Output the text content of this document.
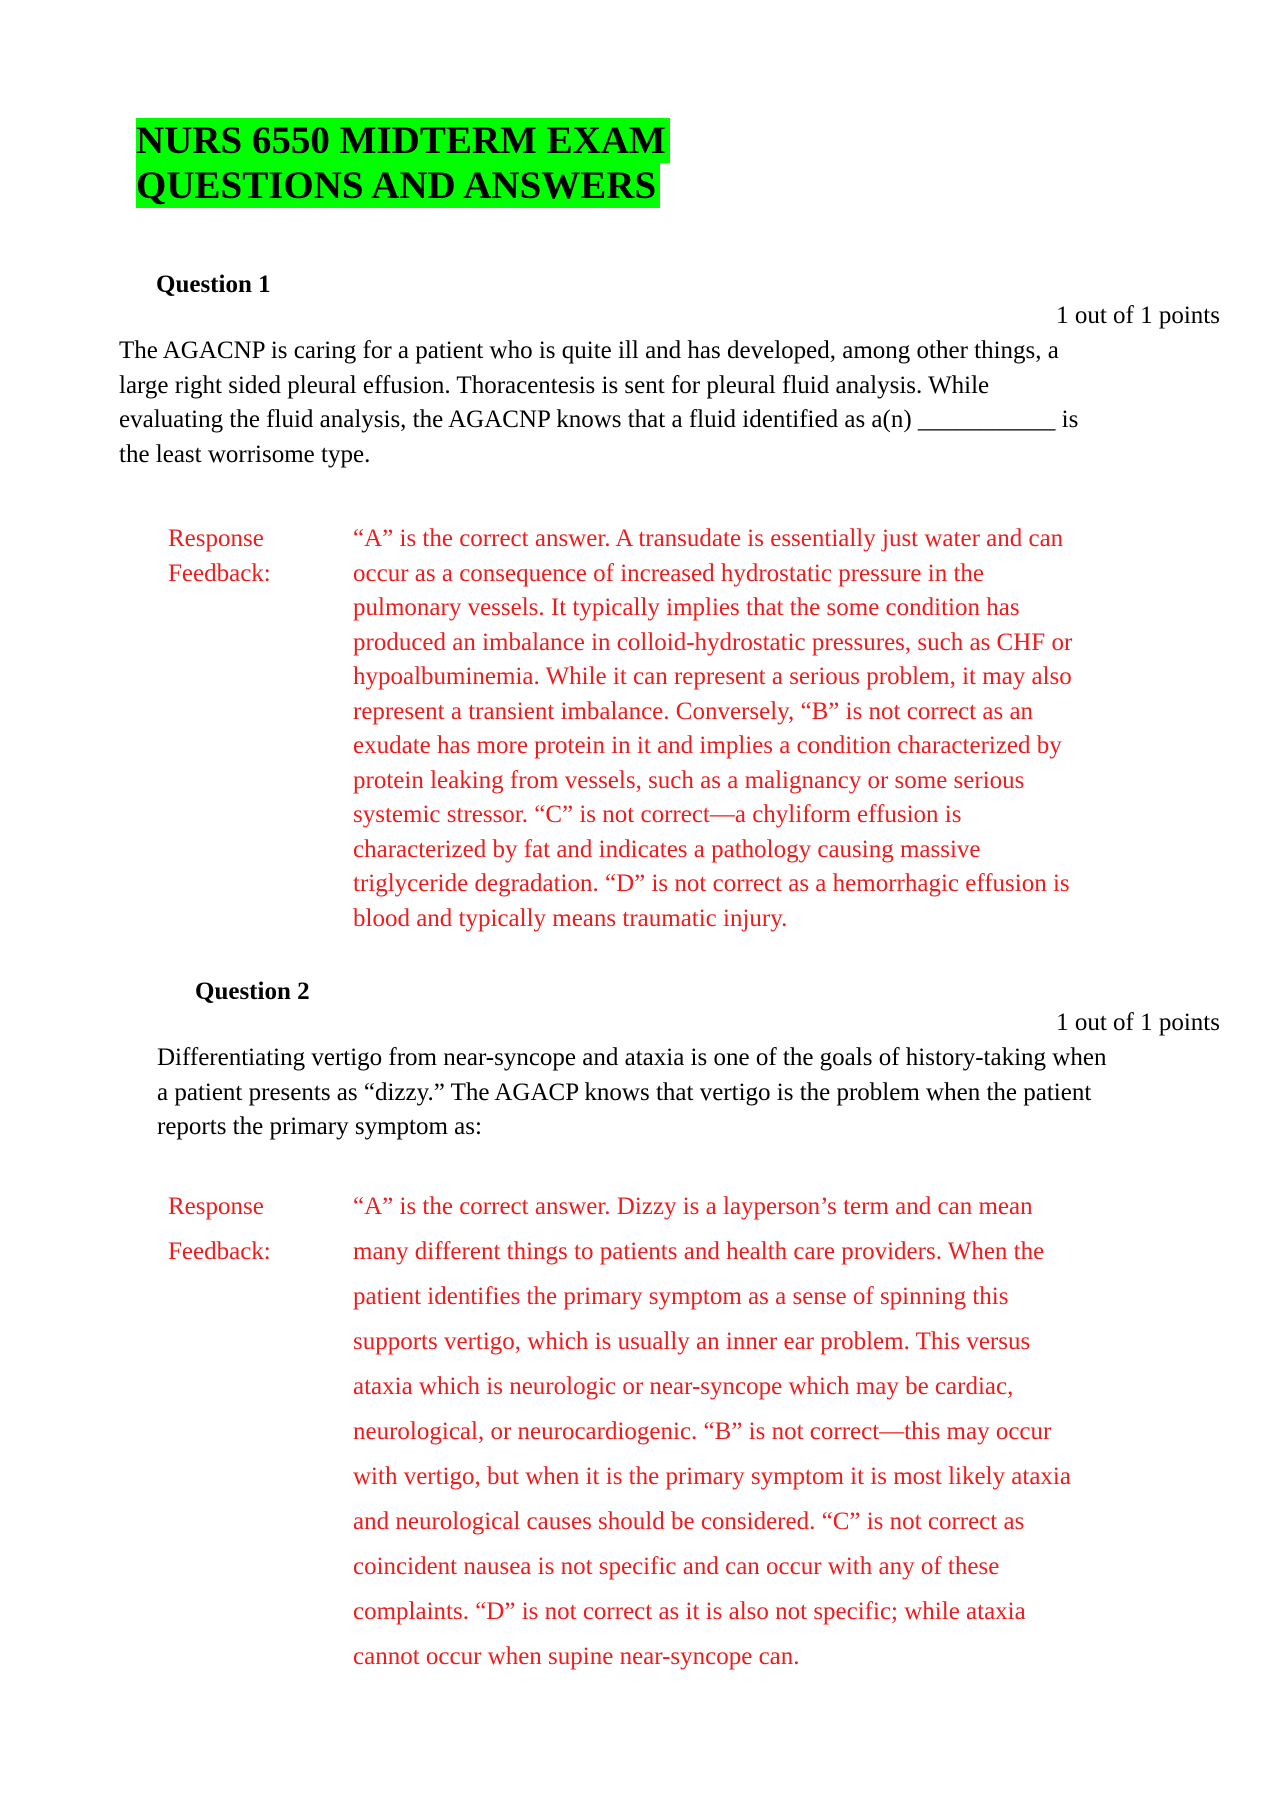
NURS 6550 MIDTERM EXAM
QUESTIONS AND ANSWERS

Question 1

1 out of 1 points

The AGACNP is caring for a patient who is quite ill and has developed, among other things, a large right sided pleural effusion. Thoracentesis is sent for pleural fluid analysis. While evaluating the fluid analysis, the AGACNP knows that a fluid identified as a(n) ___________ is the least worrisome type.

Response Feedback:

“A” is the correct answer. A transudate is essentially just water and can occur as a consequence of increased hydrostatic pressure in the pulmonary vessels. It typically implies that the some condition has produced an imbalance in colloid-hydrostatic pressures, such as CHF or hypoalbuminemia. While it can represent a serious problem, it may also represent a transient imbalance. Conversely, “B” is not correct as an exudate has more protein in it and implies a condition characterized by protein leaking from vessels, such as a malignancy or some serious systemic stressor. “C” is not correct—a chyliform effusion is characterized by fat and indicates a pathology causing massive triglyceride degradation. “D” is not correct as a hemorrhagic effusion is blood and typically means traumatic injury.

Question 2

1 out of 1 points

Differentiating vertigo from near-syncope and ataxia is one of the goals of history-taking when a patient presents as “dizzy.” The AGACP knows that vertigo is the problem when the patient reports the primary symptom as:

Response Feedback:

“A” is the correct answer. Dizzy is a layperson’s term and can mean many different things to patients and health care providers. When the patient identifies the primary symptom as a sense of spinning this supports vertigo, which is usually an inner ear problem. This versus ataxia which is neurologic or near-syncope which may be cardiac, neurological, or neurocardiogenic. “B” is not correct—this may occur with vertigo, but when it is the primary symptom it is most likely ataxia and neurological causes should be considered. “C” is not correct as coincident nausea is not specific and can occur with any of these complaints. “D” is not correct as it is also not specific; while ataxia cannot occur when supine near-syncope can.
